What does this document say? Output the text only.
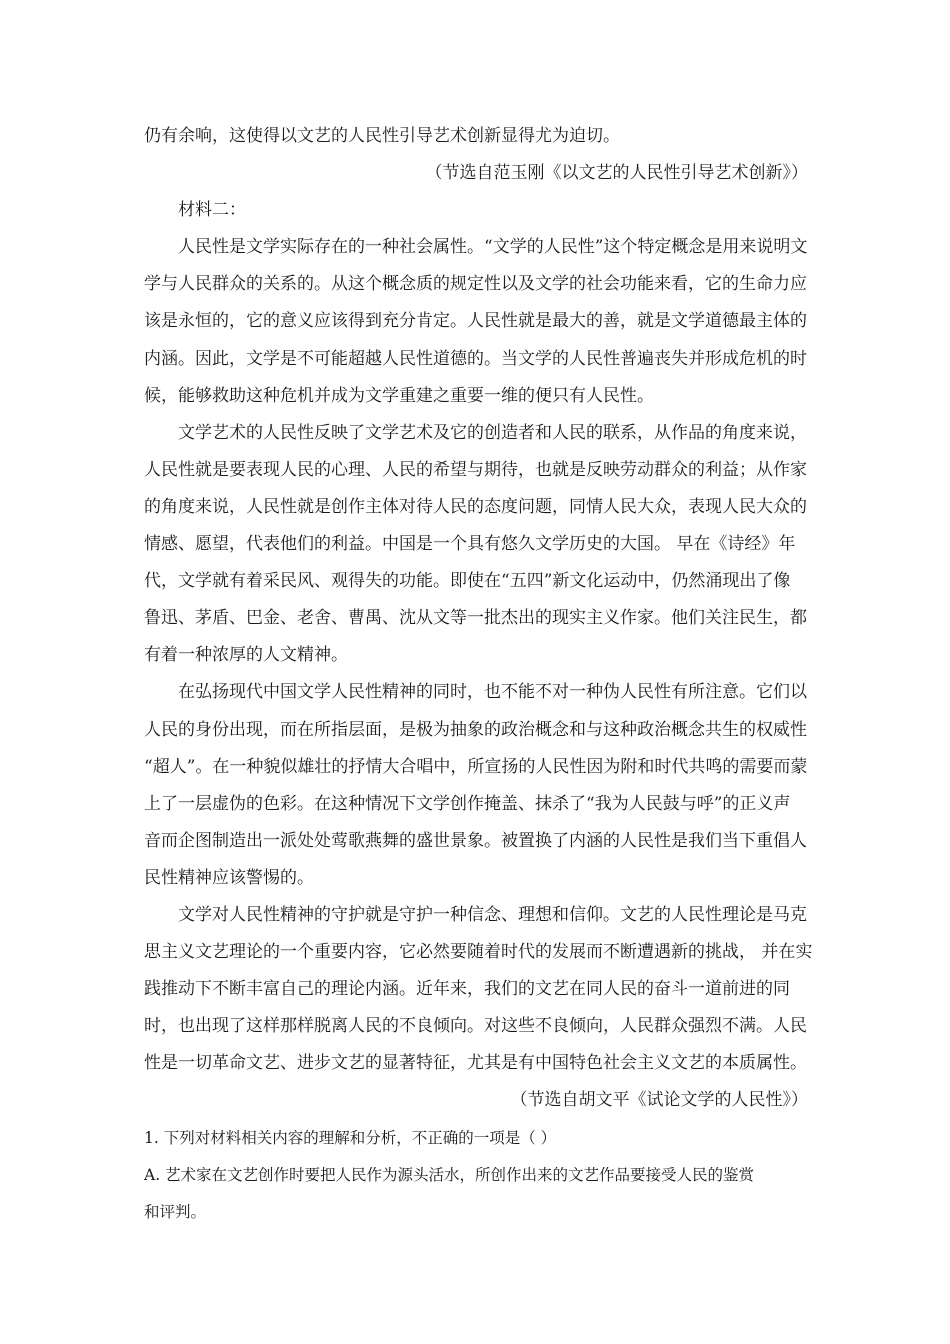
仍有余响，这使得以文艺的人民性引导艺术创新显得尤为迫切。

（节选自范玉刚《以文艺的人民性引导艺术创新》）

材料二：

人民性是文学实际存在的一种社会属性。“文学的人民性”这个特定概念是用来说明文

学与人民群众的关系的。从这个概念质的规定性以及文学的社会功能来看，它的生命力应

该是永恒的，它的意义应该得到充分肯定。人民性就是最大的善，就是文学道德最主体的

内涵。因此，文学是不可能超越人民性道德的。当文学的人民性普遍丧失并形成危机的时

候，能够救助这种危机并成为文学重建之重要一维的便只有人民性。

文学艺术的人民性反映了文学艺术及它的创造者和人民的联系，从作品的角度来说，

人民性就是要表现人民的心理、人民的希望与期待，也就是反映劳动群众的利益；从作家

的角度来说，人民性就是创作主体对待人民的态度问题，同情人民大众，表现人民大众的

情感、愿望，代表他们的利益。中国是一个具有悠久文学历史的大国。 早在《诗经》年

代，文学就有着采民风、观得失的功能。即使在“五四”新文化运动中，仍然涌现出了像

鲁迅、茅盾、巴金、老舍、曹禺、沈从文等一批杰出的现实主义作家。他们关注民生，都

有着一种浓厚的人文精神。

在弘扬现代中国文学人民性精神的同时，也不能不对一种伪人民性有所注意。它们以

人民的身份出现，而在所指层面，是极为抽象的政治概念和与这种政治概念共生的权威性

“超人”。在一种貌似雄壮的抒情大合唱中，所宣扬的人民性因为附和时代共鸣的需要而蒙

上了一层虚伪的色彩。在这种情况下文学创作掩盖、抹杀了“我为人民鼓与呼”的正义声

音而企图制造出一派处处莺歌燕舞的盛世景象。被置换了内涵的人民性是我们当下重倡人

民性精神应该警惕的。

文学对人民性精神的守护就是守护一种信念、理想和信仰。文艺的人民性理论是马克

思主义文艺理论的一个重要内容，它必然要随着时代的发展而不断遭遇新的挑战， 并在实

践推动下不断丰富自己的理论内涵。近年来，我们的文艺在同人民的奋斗一道前进的同

时，也出现了这样那样脱离人民的不良倾向。对这些不良倾向，人民群众强烈不满。人民

性是一切革命文艺、进步文艺的显著特征，尤其是有中国特色社会主义文艺的本质属性。

（节选自胡文平《试论文学的人民性》）

1. 下列对材料相关内容的理解和分析，不正确的一项是（ ）

A. 艺术家在文艺创作时要把人民作为源头活水，所创作出来的文艺作品要接受人民的鉴赏

和评判。
